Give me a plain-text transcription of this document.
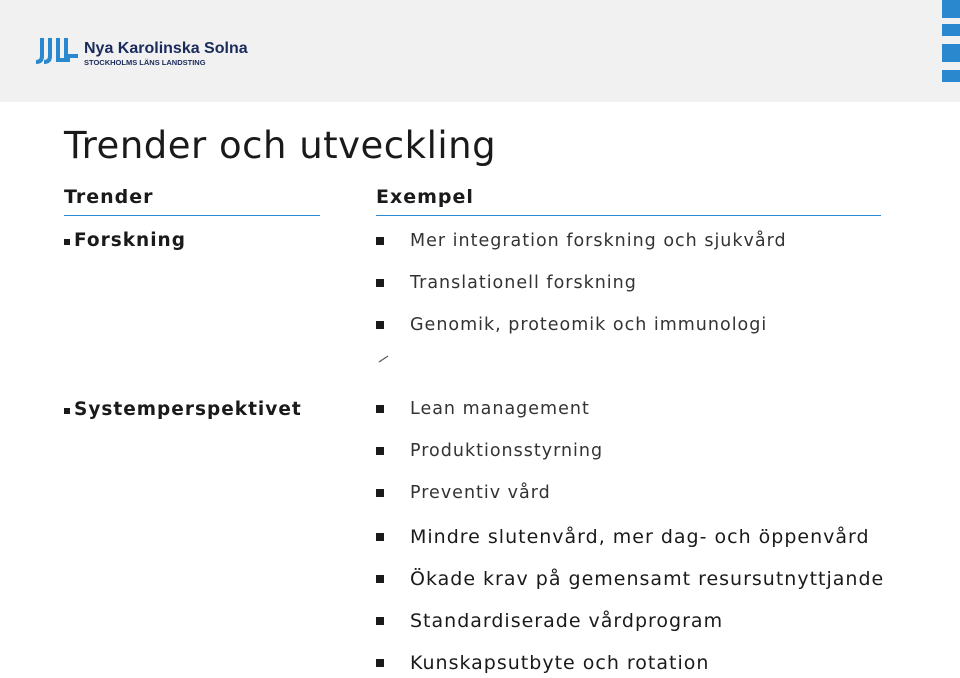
Nya Karolinska Solna
STOCKHOLMS LÄNS LANDSTING
Trender och utveckling
Trender	Exempel
Forskning	Mer integration forskning och sjukvård
Translationell forskning
Genomik, proteomik och immunologi
Systemperspektivet	Lean management
Produktionsstyrning
Preventiv vård
Mindre slutenvård, mer dag- och öppenvård
Ökade krav på gemensamt resursutnyttjande
Standardiserade vårdprogram
Kunskapsutbyte och rotation
